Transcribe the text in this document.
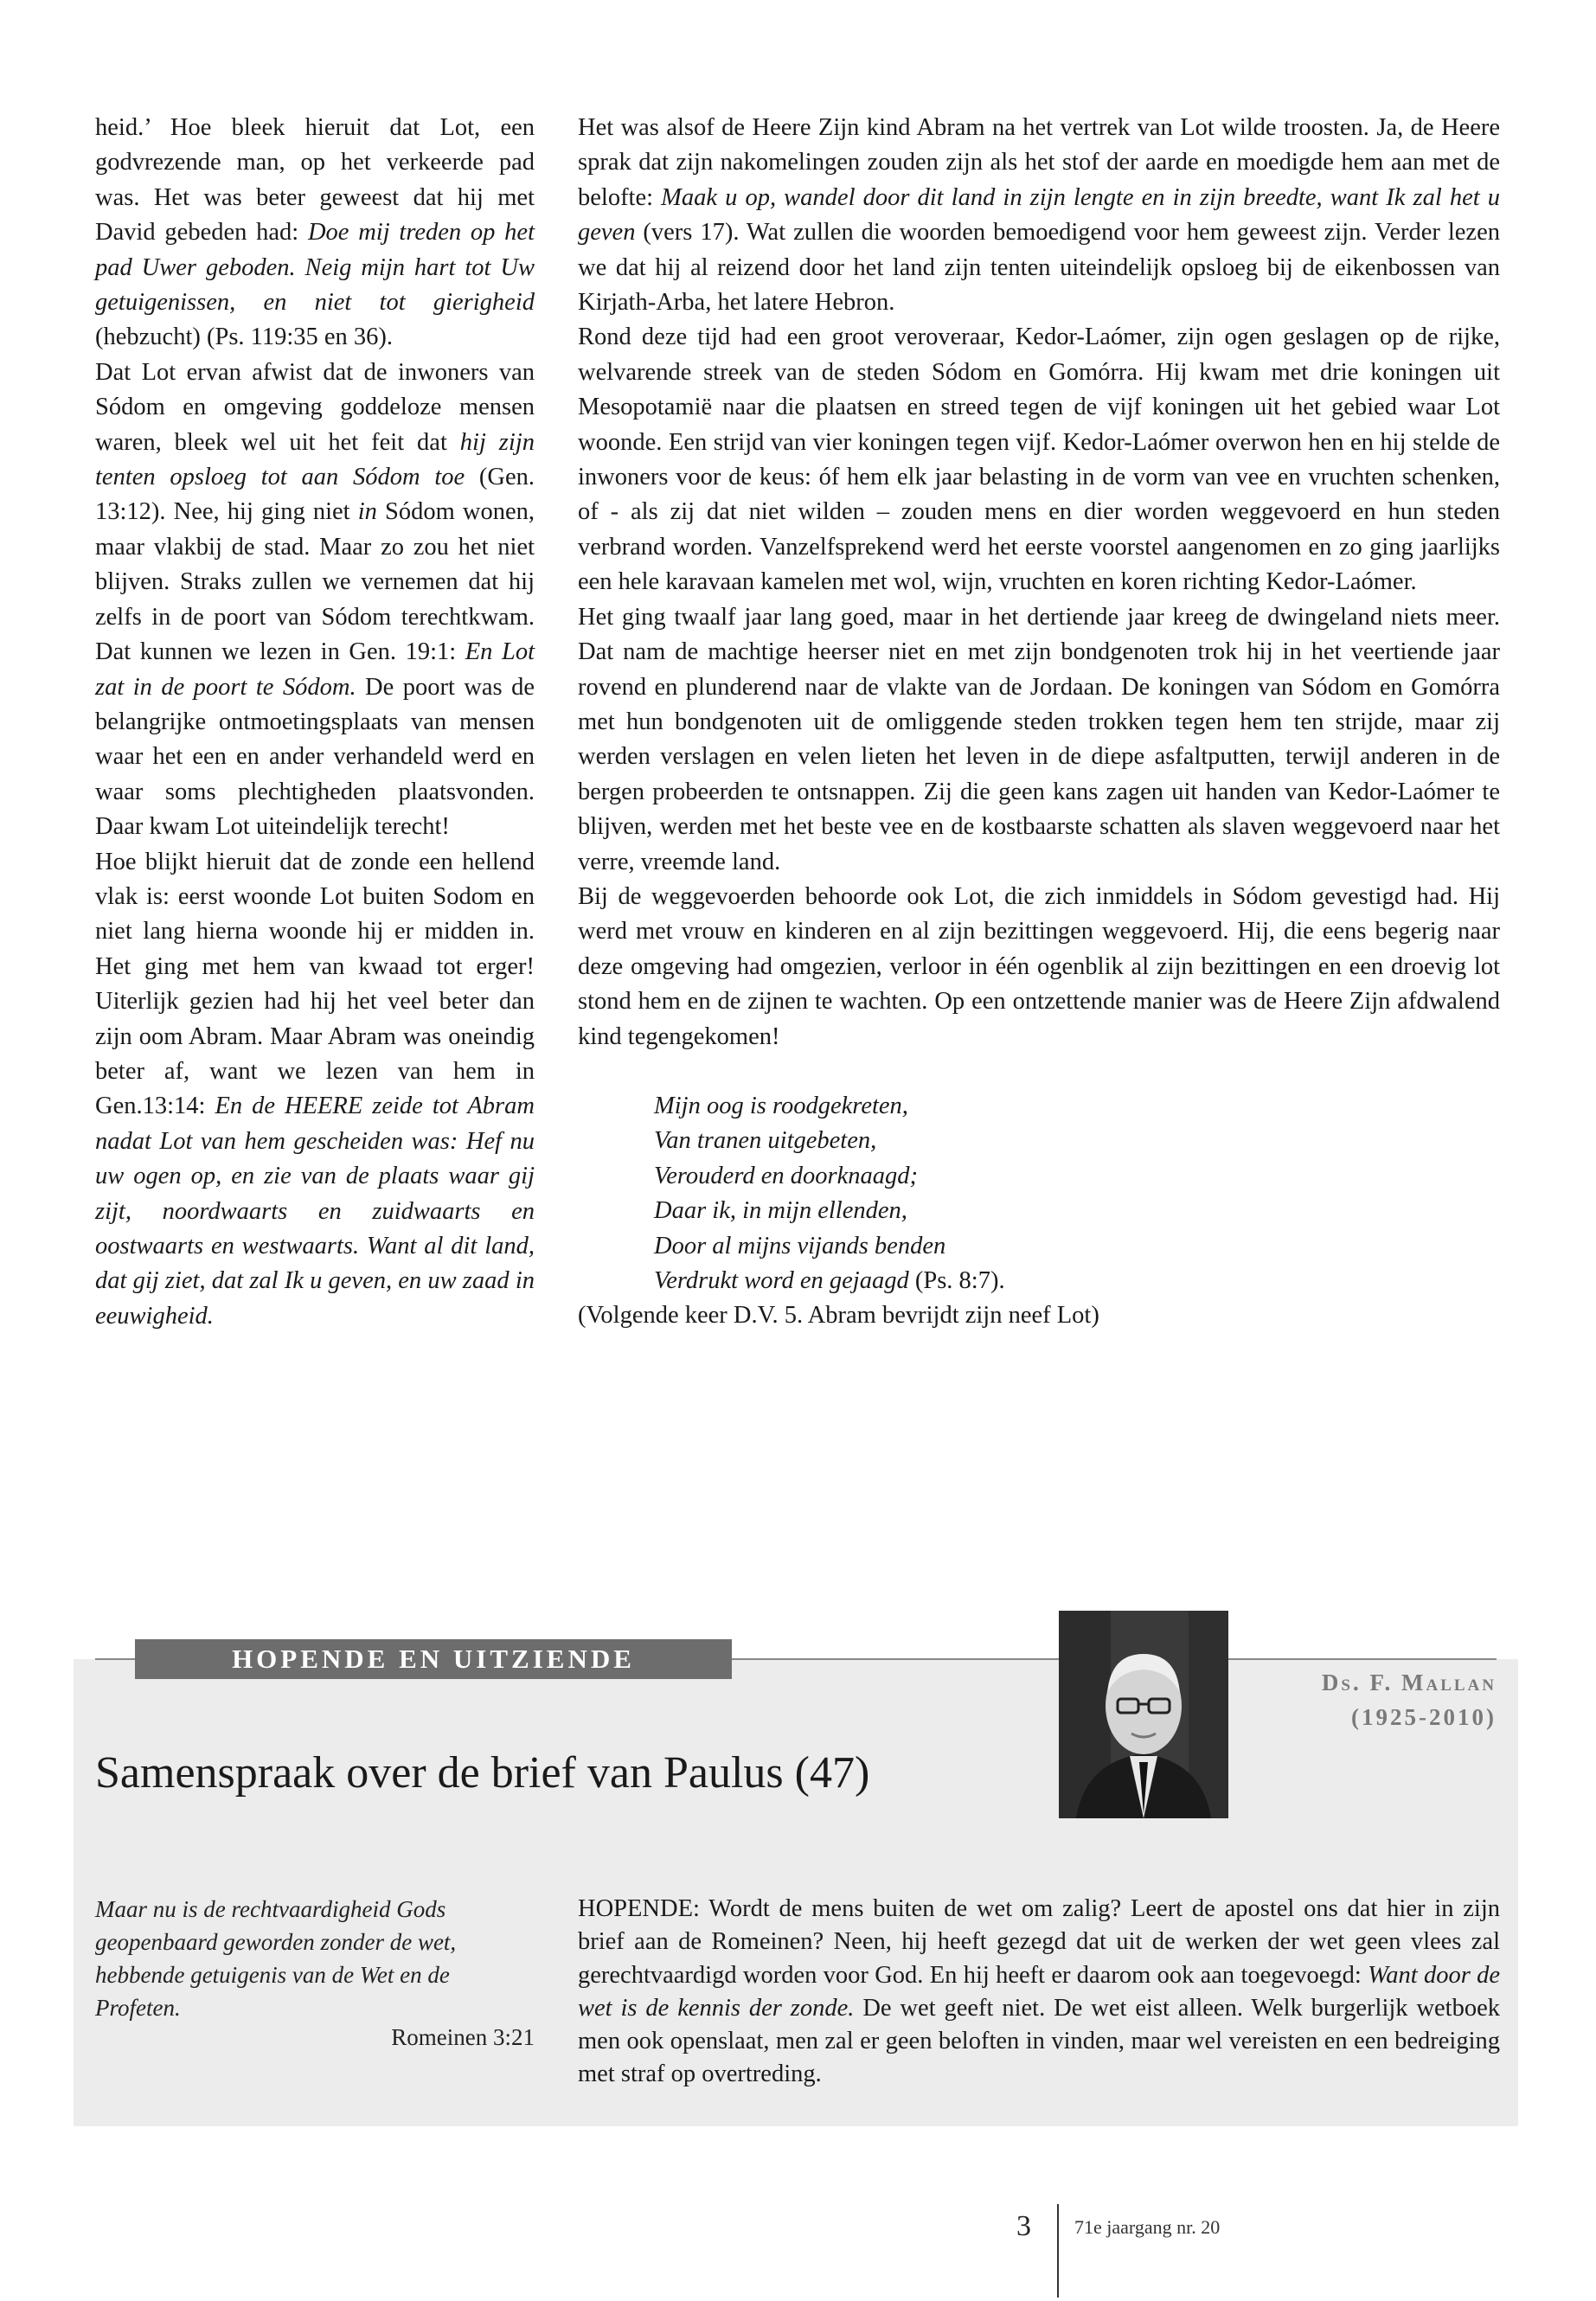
heid.’ Hoe bleek hieruit dat Lot, een godvrezende man, op het verkeerde pad was. Het was beter geweest dat hij met David gebeden had: Doe mij treden op het pad Uwer geboden. Neig mijn hart tot Uw getuigenissen, en niet tot gierigheid (hebzucht) (Ps. 119:35 en 36).

Dat Lot ervan afwist dat de inwoners van Sódom en omgeving goddeloze mensen waren, bleek wel uit het feit dat hij zijn tenten opsloeg tot aan Sódom toe (Gen. 13:12). Nee, hij ging niet in Sódom wonen, maar vlakbij de stad. Maar zo zou het niet blijven. Straks zullen we vernemen dat hij zelfs in de poort van Sódom terechtkwam. Dat kunnen we lezen in Gen. 19:1: En Lot zat in de poort te Sódom. De poort was de belangrijke ontmoetingsplaats van mensen waar het een en ander verhandeld werd en waar soms plechtigheden plaatsvonden. Daar kwam Lot uiteindelijk terecht!

Hoe blijkt hieruit dat de zonde een hellend vlak is: eerst woonde Lot buiten Sodom en niet lang hierna woonde hij er midden in. Het ging met hem van kwaad tot erger! Uiterlijk gezien had hij het veel beter dan zijn oom Abram. Maar Abram was oneindig beter af, want we lezen van hem in Gen.13:14: En de HEERE zeide tot Abram nadat Lot van hem gescheiden was: Hef nu uw ogen op, en zie van de plaats waar gij zijt, noordwaarts en zuidwaarts en oostwaarts en westwaarts. Want al dit land, dat gij ziet, dat zal Ik u geven, en uw zaad in eeuwigheid.

Het was alsof de Heere Zijn kind Abram na het vertrek van Lot wilde troosten. Ja, de Heere sprak dat zijn nakomelingen zouden zijn als het stof der aarde en moedigde hem aan met de belofte: Maak u op, wandel door dit land in zijn lengte en in zijn breedte, want Ik zal het u geven (vers 17). Wat zullen die woorden bemoedigend voor hem geweest zijn. Verder lezen we dat hij al reizend door het land zijn tenten uiteindelijk opsloeg bij de eikenbossen van Kirjath-Arba, het latere Hebron.

Rond deze tijd had een groot veroveraar, Kedor-Laómer, zijn ogen geslagen op de rijke, welvarende streek van de steden Sódom en Gomórra. Hij kwam met drie koningen uit Mesopotamië naar die plaatsen en streed tegen de vijf koningen uit het gebied waar Lot woonde. Een strijd van vier koningen tegen vijf. Kedor-Laómer overwon hen en hij stelde de inwoners voor de keus: óf hem elk jaar belasting in de vorm van vee en vruchten schenken, of - als zij dat niet wilden – zouden mens en dier worden weggevoerd en hun steden verbrand worden. Vanzelfsprekend werd het eerste voorstel aangenomen en zo ging jaarlijks een hele karavaan kamelen met wol, wijn, vruchten en koren richting Kedor-Laómer.

Het ging twaalf jaar lang goed, maar in het dertiende jaar kreeg de dwingeland niets meer. Dat nam de machtige heerser niet en met zijn bondgenoten trok hij in het veertiende jaar rovend en plunderend naar de vlakte van de Jordaan. De koningen van Sódom en Gomórra met hun bondgenoten uit de omliggende steden trokken tegen hem ten strijde, maar zij werden verslagen en velen lieten het leven in de diepe asfaltputten, terwijl anderen in de bergen probeerden te ontsnappen. Zij die geen kans zagen uit handen van Kedor-Laómer te blijven, werden met het beste vee en de kostbaarste schatten als slaven weggevoerd naar het verre, vreemde land.

Bij de weggevoerden behoorde ook Lot, die zich inmiddels in Sódom gevestigd had. Hij werd met vrouw en kinderen en al zijn bezittingen weggevoerd. Hij, die eens begerig naar deze omgeving had omgezien, verloor in één ogenblik al zijn bezittingen en een droevig lot stond hem en de zijnen te wachten. Op een ontzettende manier was de Heere Zijn afdwalend kind tegengekomen!

Mijn oog is roodgekreten,
Van tranen uitgebeten,
Verouderd en doorknaagd;
Daar ik, in mijn ellenden,
Door al mijns vijands benden
Verdrukt word en gejaagd (Ps. 8:7).

(Volgende keer D.V. 5. Abram bevrijdt zijn neef Lot)

HOPENDE EN UITZIENDE
Ds. F. Mallan
(1925-2010)
Samenspraak over de brief van Paulus (47)
Maar nu is de rechtvaardigheid Gods geopenbaard geworden zonder de wet, hebbende getuigenis van de Wet en de Profeten.
Romeinen 3:21
HOPENDE: Wordt de mens buiten de wet om zalig? Leert de apostel ons dat hier in zijn brief aan de Romeinen? Neen, hij heeft gezegd dat uit de werken der wet geen vlees zal gerechtvaardigd worden voor God. En hij heeft er daarom ook aan toegevoegd: Want door de wet is de kennis der zonde. De wet geeft niet. De wet eist alleen. Welk burgerlijk wetboek men ook openslaat, men zal er geen beloften in vinden, maar wel vereisten en een bedreiging met straf op overtreding.
3 71e jaargang nr. 20
